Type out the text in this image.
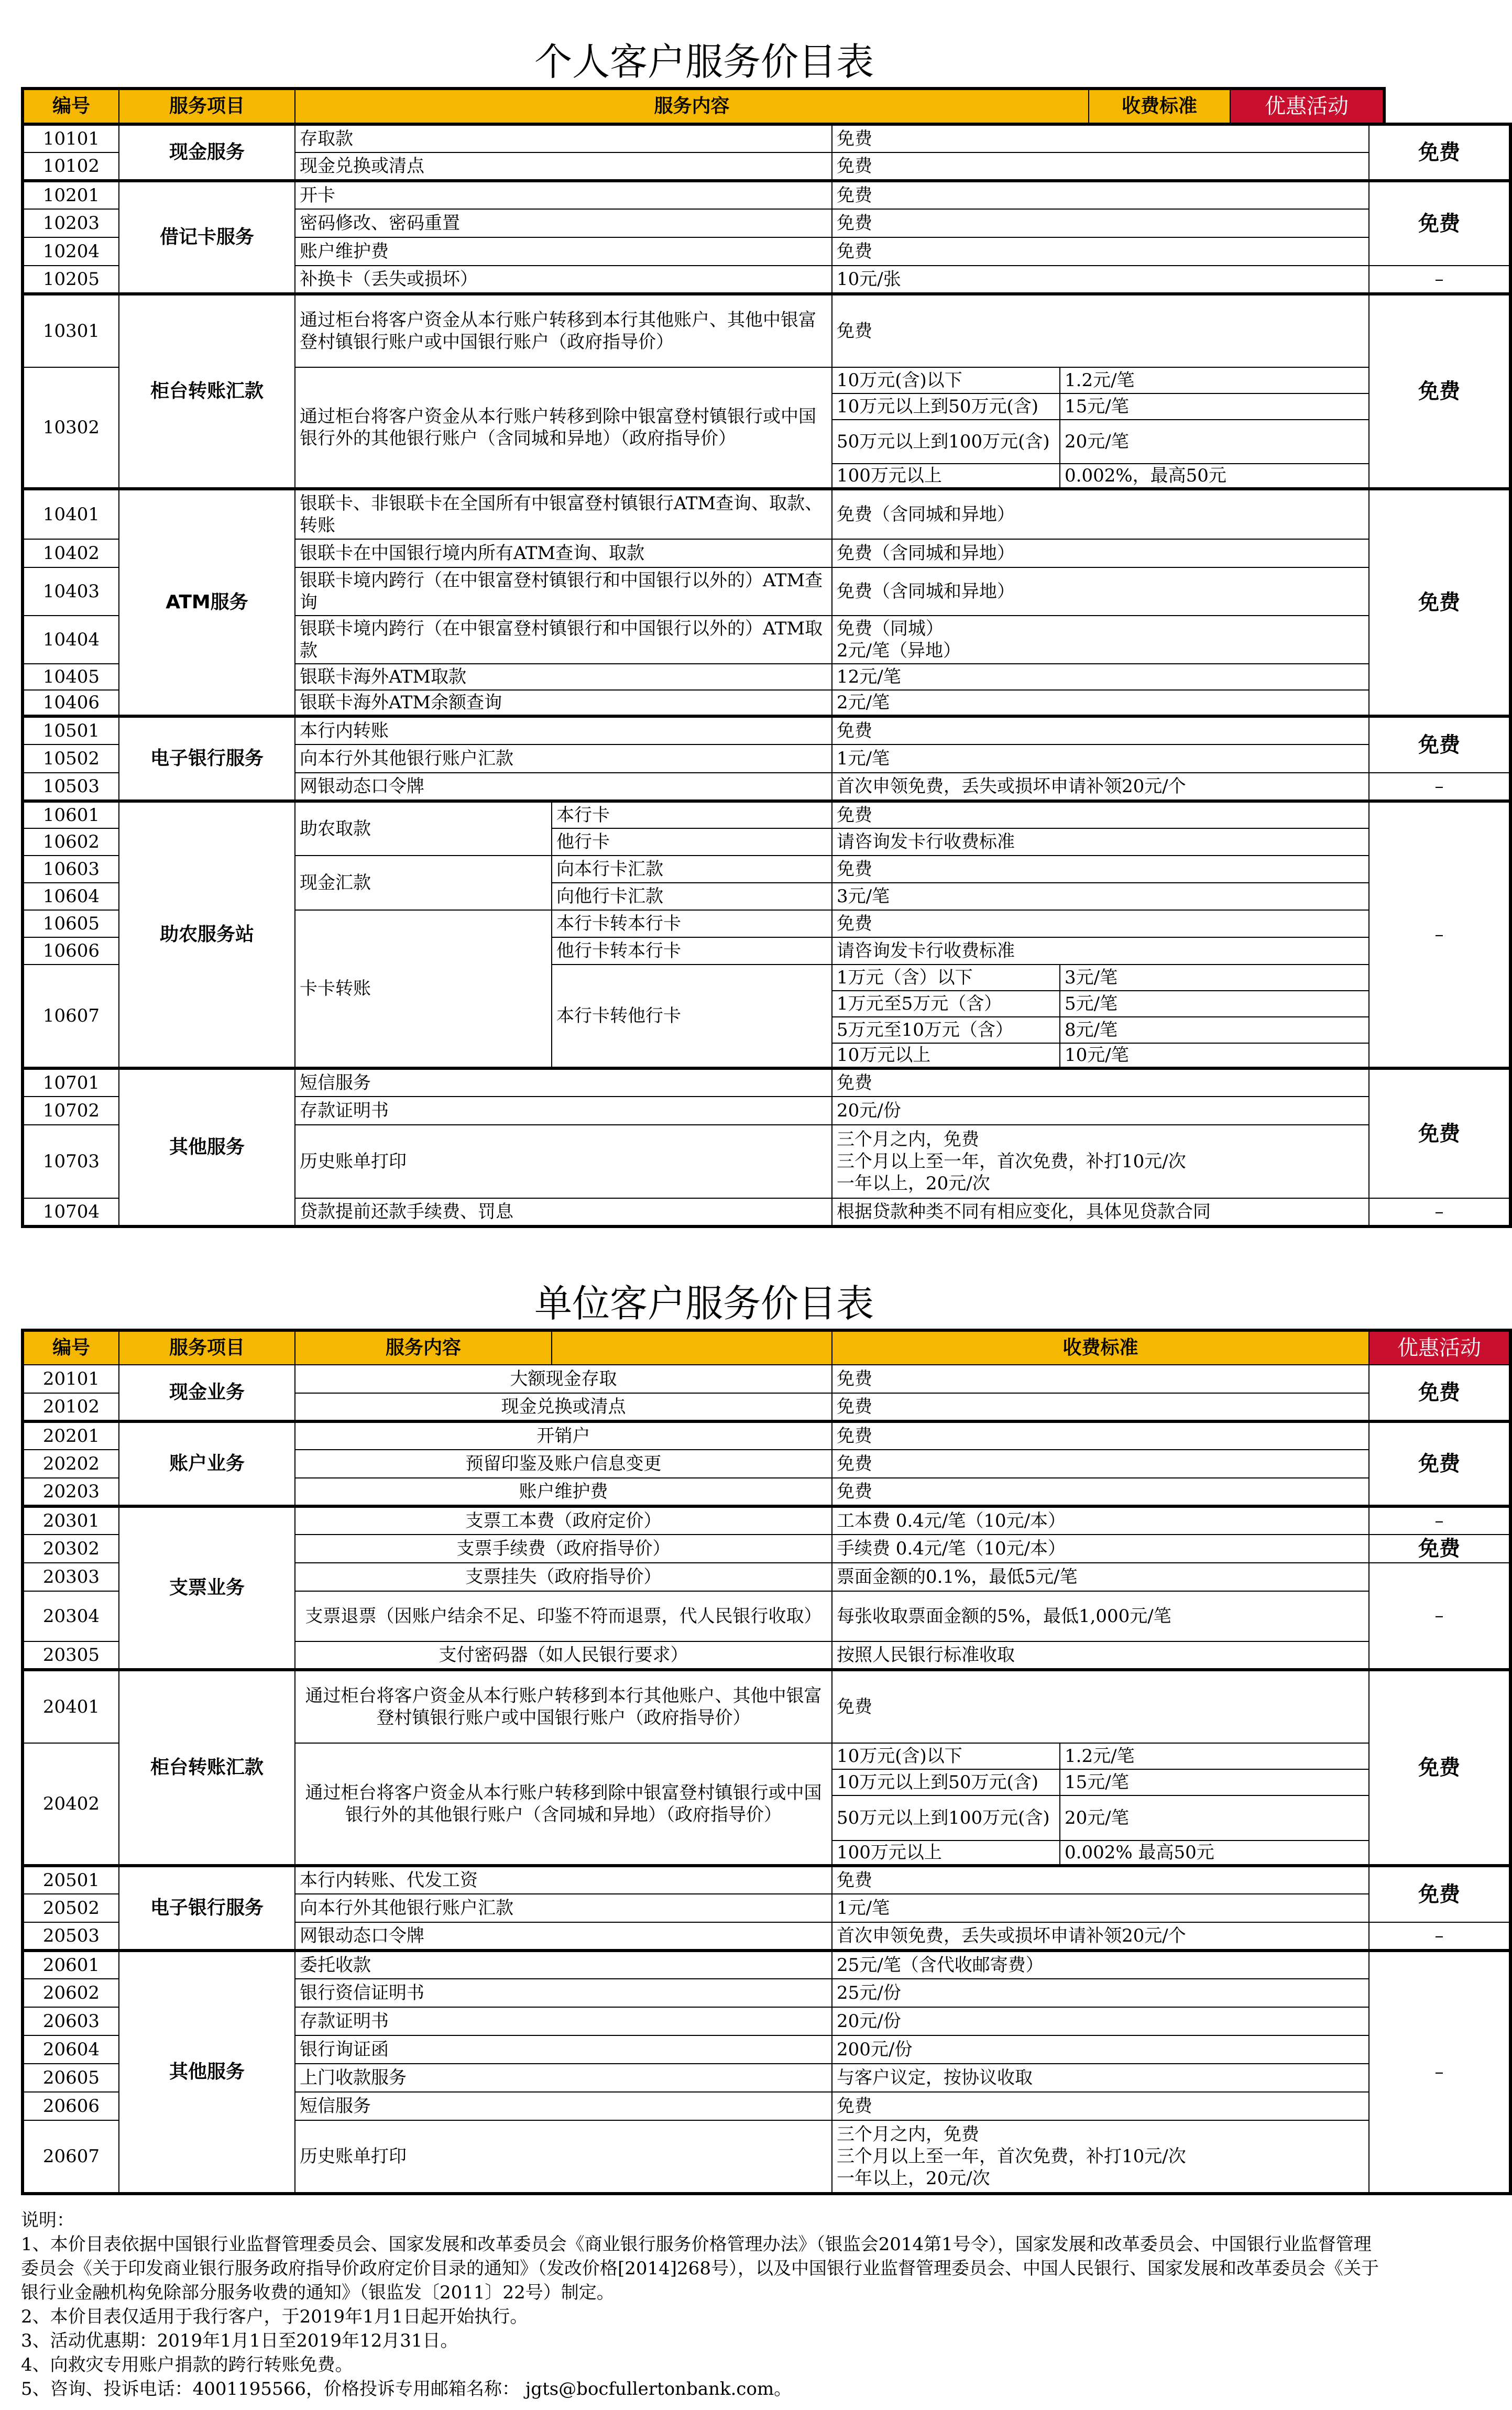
个人客户服务价目表
编号	服务项目	服务内容	收费标准	优惠活动
10101	现金服务	存取款		免费		免费
10102		现金兑换或清点		免费		
10201	借记卡服务	开卡		免费		免费
10203		密码修改、密码重置		免费		
10204		账户维护费		免费		
10205		补换卡（丢失或损坏）		10元/张		–
10301	柜台转账汇款	通过柜台将客户资金从本行账户转移到本行其他账户、其他中银富登村镇银行账户或中国银行账户（政府指导价）		免费		免费
10302		通过柜台将客户资金从本行账户转移到除中银富登村镇银行或中国银行外的其他银行账户（含同城和异地）（政府指导价）		10万元(含)以下	1.2元/笔	
				10万元以上到50万元(含)	15元/笔	
				50万元以上到100万元(含)	20元/笔	
				100万元以上	0.002%，最高50元	
10401	ATM服务	银联卡、非银联卡在全国所有中银富登村镇银行ATM查询、取款、转账		免费（含同城和异地）		免费
10402		银联卡在中国银行境内所有ATM查询、取款		免费（含同城和异地）		
10403		银联卡境内跨行（在中银富登村镇银行和中国银行以外的）ATM查询		免费（含同城和异地）		
10404		银联卡境内跨行（在中银富登村镇银行和中国银行以外的）ATM取款		免费（同城）
2元/笔（异地）		

10405		银联卡海外ATM取款		12元/笔		
10406		银联卡海外ATM余额查询		2元/笔		
10501	电子银行服务	本行内转账		免费		免费
10502		向本行外其他银行账户汇款		1元/笔		
10503		网银动态口令牌		首次申领免费，丢失或损坏申请补领20元/个		–
10601	助农服务站	助农取款	本行卡	免费		–
10602			他行卡	请咨询发卡行收费标准		
10603		现金汇款	向本行卡汇款	免费		
10604			向他行卡汇款	3元/笔		
10605		卡卡转账	本行卡转本行卡	免费		
10606			他行卡转本行卡	请咨询发卡行收费标准		
10607			本行卡转他行卡	1万元（含）以下	3元/笔	
				1万元至5万元（含）	5元/笔	
				5万元至10万元（含）	8元/笔	
				10万元以上	10元/笔	
10701	其他服务	短信服务		免费		免费
10702		存款证明书		20元/份		
10703		历史账单打印		三个月之内，免费
三个月以上至一年，首次免费，补打10元/次
一年以上，20元/次		

10704		贷款提前还款手续费、罚息		根据贷款种类不同有相应变化，具体见贷款合同		–
单位客户服务价目表
编号	服务项目	服务内容		收费标准		优惠活动
20101	现金业务	大额现金存取		免费		免费
20102		现金兑换或清点		免费		
20201	账户业务	开销户		免费		免费
20202		预留印鉴及账户信息变更		免费		
20203		账户维护费		免费		
20301	支票业务	支票工本费（政府定价）		工本费 0.4元/笔（10元/本）		–
20302		支票手续费（政府指导价）		手续费 0.4元/笔（10元/本）		免费
20303		支票挂失（政府指导价）		票面金额的0.1%，最低5元/笔		–
20304		支票退票（因账户结余不足、印鉴不符而退票，代人民银行收取）		每张收取票面金额的5%，最低1,000元/笔		
20305		支付密码器（如人民银行要求）		按照人民银行标准收取		
20401	柜台转账汇款	通过柜台将客户资金从本行账户转移到本行其他账户、其他中银富登村镇银行账户或中国银行账户（政府指导价）		免费		免费
20402		通过柜台将客户资金从本行账户转移到除中银富登村镇银行或中国银行外的其他银行账户（含同城和异地）（政府指导价）		10万元(含)以下	1.2元/笔	
				10万元以上到50万元(含)	15元/笔	
				50万元以上到100万元(含)	20元/笔	
				100万元以上	0.002% 最高50元	
20501	电子银行服务	本行内转账、代发工资		免费		免费
20502		向本行外其他银行账户汇款		1元/笔		
20503		网银动态口令牌		首次申领免费，丢失或损坏申请补领20元/个		–
20601	其他服务	委托收款		25元/笔（含代收邮寄费）		–
20602		银行资信证明书		25元/份		
20603		存款证明书		20元/份		
20604		银行询证函		200元/份		
20605		上门收款服务		与客户议定，按协议收取		
20606		短信服务		免费		
20607		历史账单打印		三个月之内，免费
三个月以上至一年，首次免费，补打10元/次
一年以上，20元/次		
说明：
1、本价目表依据中国银行业监督管理委员会、国家发展和改革委员会《商业银行服务价格管理办法》（银监会2014第1号令），国家发展和改革委员会、中国银行业监督管理委员会《关于印发商业银行服务政府指导价政府定价目录的通知》（发改价格[2014]268号），以及中国银行业监督管理委员会、中国人民银行、国家发展和改革委员会《关于银行业金融机构免除部分服务收费的通知》（银监发〔2011〕22号）制定。
2、本价目表仅适用于我行客户，于2019年1月1日起开始执行。
3、活动优惠期：2019年1月1日至2019年12月31日。
4、向救灾专用账户捐款的跨行转账免费。
5、咨询、投诉电话：4001195566，价格投诉专用邮箱名称： jgts@bocfullertonbank.com。
